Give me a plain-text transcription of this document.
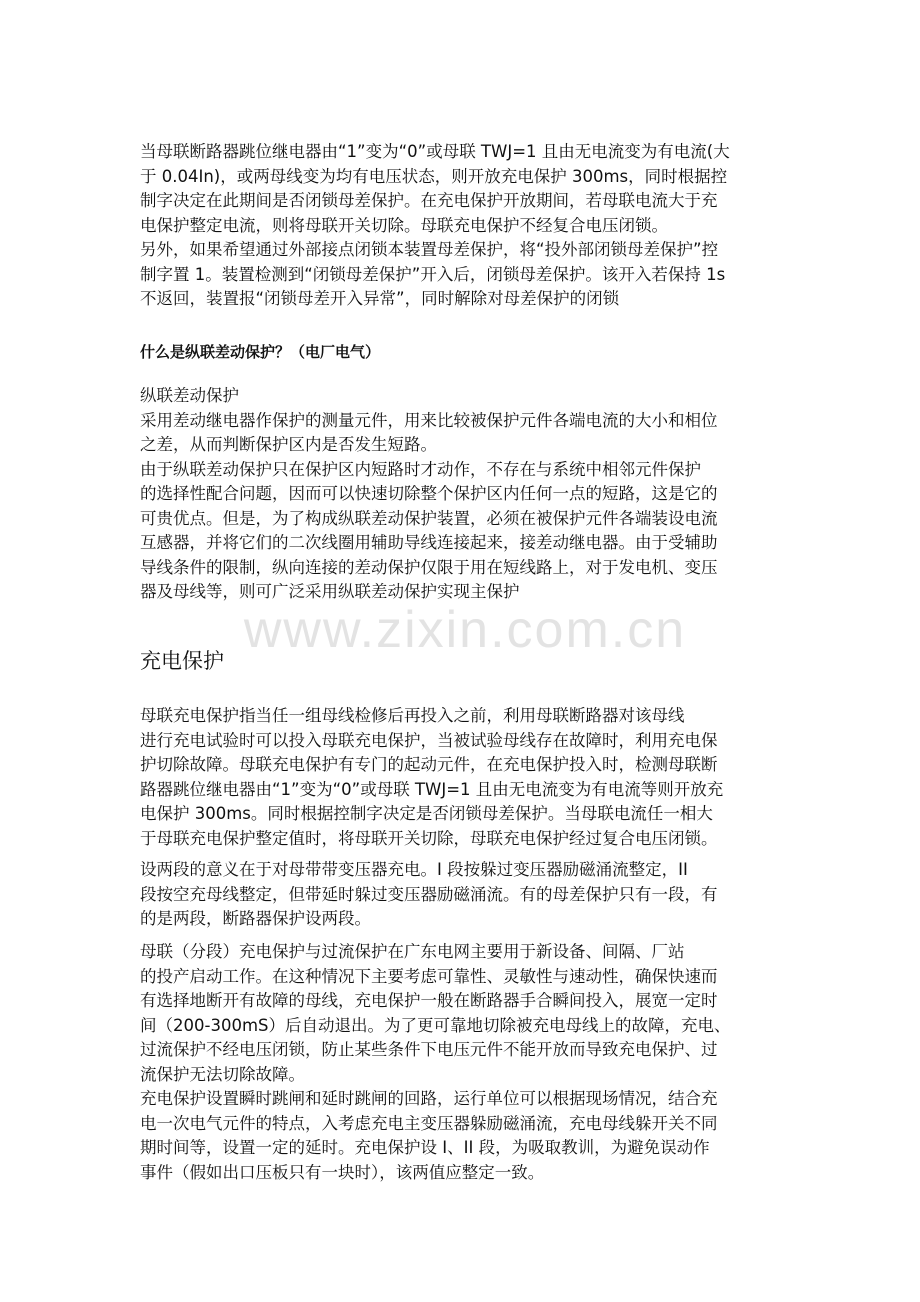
www.zixin.com.cn
当母联断路器跳位继电器由“1”变为“0”或母联 TWJ=1 且由无电流变为有电流(大
于 0.04In)，或两母线变为均有电压状态，则开放充电保护 300ms，同时根据控
制字决定在此期间是否闭锁母差保护。在充电保护开放期间，若母联电流大于充
电保护整定电流，则将母联开关切除。母联充电保护不经复合电压闭锁。
另外，如果希望通过外部接点闭锁本装置母差保护，将“投外部闭锁母差保护”控
制字置 1。装置检测到“闭锁母差保护”开入后，闭锁母差保护。该开入若保持 1s
不返回，装置报“闭锁母差开入异常”，同时解除对母差保护的闭锁
什么是纵联差动保护？（电厂电气）
纵联差动保护
采用差动继电器作保护的测量元件，用来比较被保护元件各端电流的大小和相位
之差，从而判断保护区内是否发生短路。
由于纵联差动保护只在保护区内短路时才动作，不存在与系统中相邻元件保护
的选择性配合问题，因而可以快速切除整个保护区内任何一点的短路，这是它的
可贵优点。但是，为了构成纵联差动保护装置，必须在被保护元件各端装设电流
互感器，并将它们的二次线圈用辅助导线连接起来，接差动继电器。由于受辅助
导线条件的限制，纵向连接的差动保护仅限于用在短线路上，对于发电机、变压
器及母线等，则可广泛采用纵联差动保护实现主保护
充电保护
母联充电保护指当任一组母线检修后再投入之前，利用母联断路器对该母线
进行充电试验时可以投入母联充电保护，当被试验母线存在故障时，利用充电保
护切除故障。母联充电保护有专门的起动元件，在充电保护投入时，检测母联断
路器跳位继电器由“1”变为“0”或母联 TWJ=1 且由无电流变为有电流等则开放充
电保护 300ms。同时根据控制字决定是否闭锁母差保护。当母联电流任一相大
于母联充电保护整定值时，将母联开关切除，母联充电保护经过复合电压闭锁。
设两段的意义在于对母带带变压器充电。I 段按躲过变压器励磁涌流整定，II
段按空充母线整定，但带延时躲过变压器励磁涌流。有的母差保护只有一段，有
的是两段，断路器保护设两段。
母联（分段）充电保护与过流保护在广东电网主要用于新设备、间隔、厂站
的投产启动工作。在这种情况下主要考虑可靠性、灵敏性与速动性，确保快速而
有选择地断开有故障的母线，充电保护一般在断路器手合瞬间投入，展宽一定时
间（200-300mS）后自动退出。为了更可靠地切除被充电母线上的故障，充电、
过流保护不经电压闭锁，防止某些条件下电压元件不能开放而导致充电保护、过
流保护无法切除故障。
充电保护设置瞬时跳闸和延时跳闸的回路，运行单位可以根据现场情况，结合充
电一次电气元件的特点，入考虑充电主变压器躲励磁涌流，充电母线躲开关不同
期时间等，设置一定的延时。充电保护设 I、II 段，为吸取教训，为避免误动作
事件（假如出口压板只有一块时），该两值应整定一致。
